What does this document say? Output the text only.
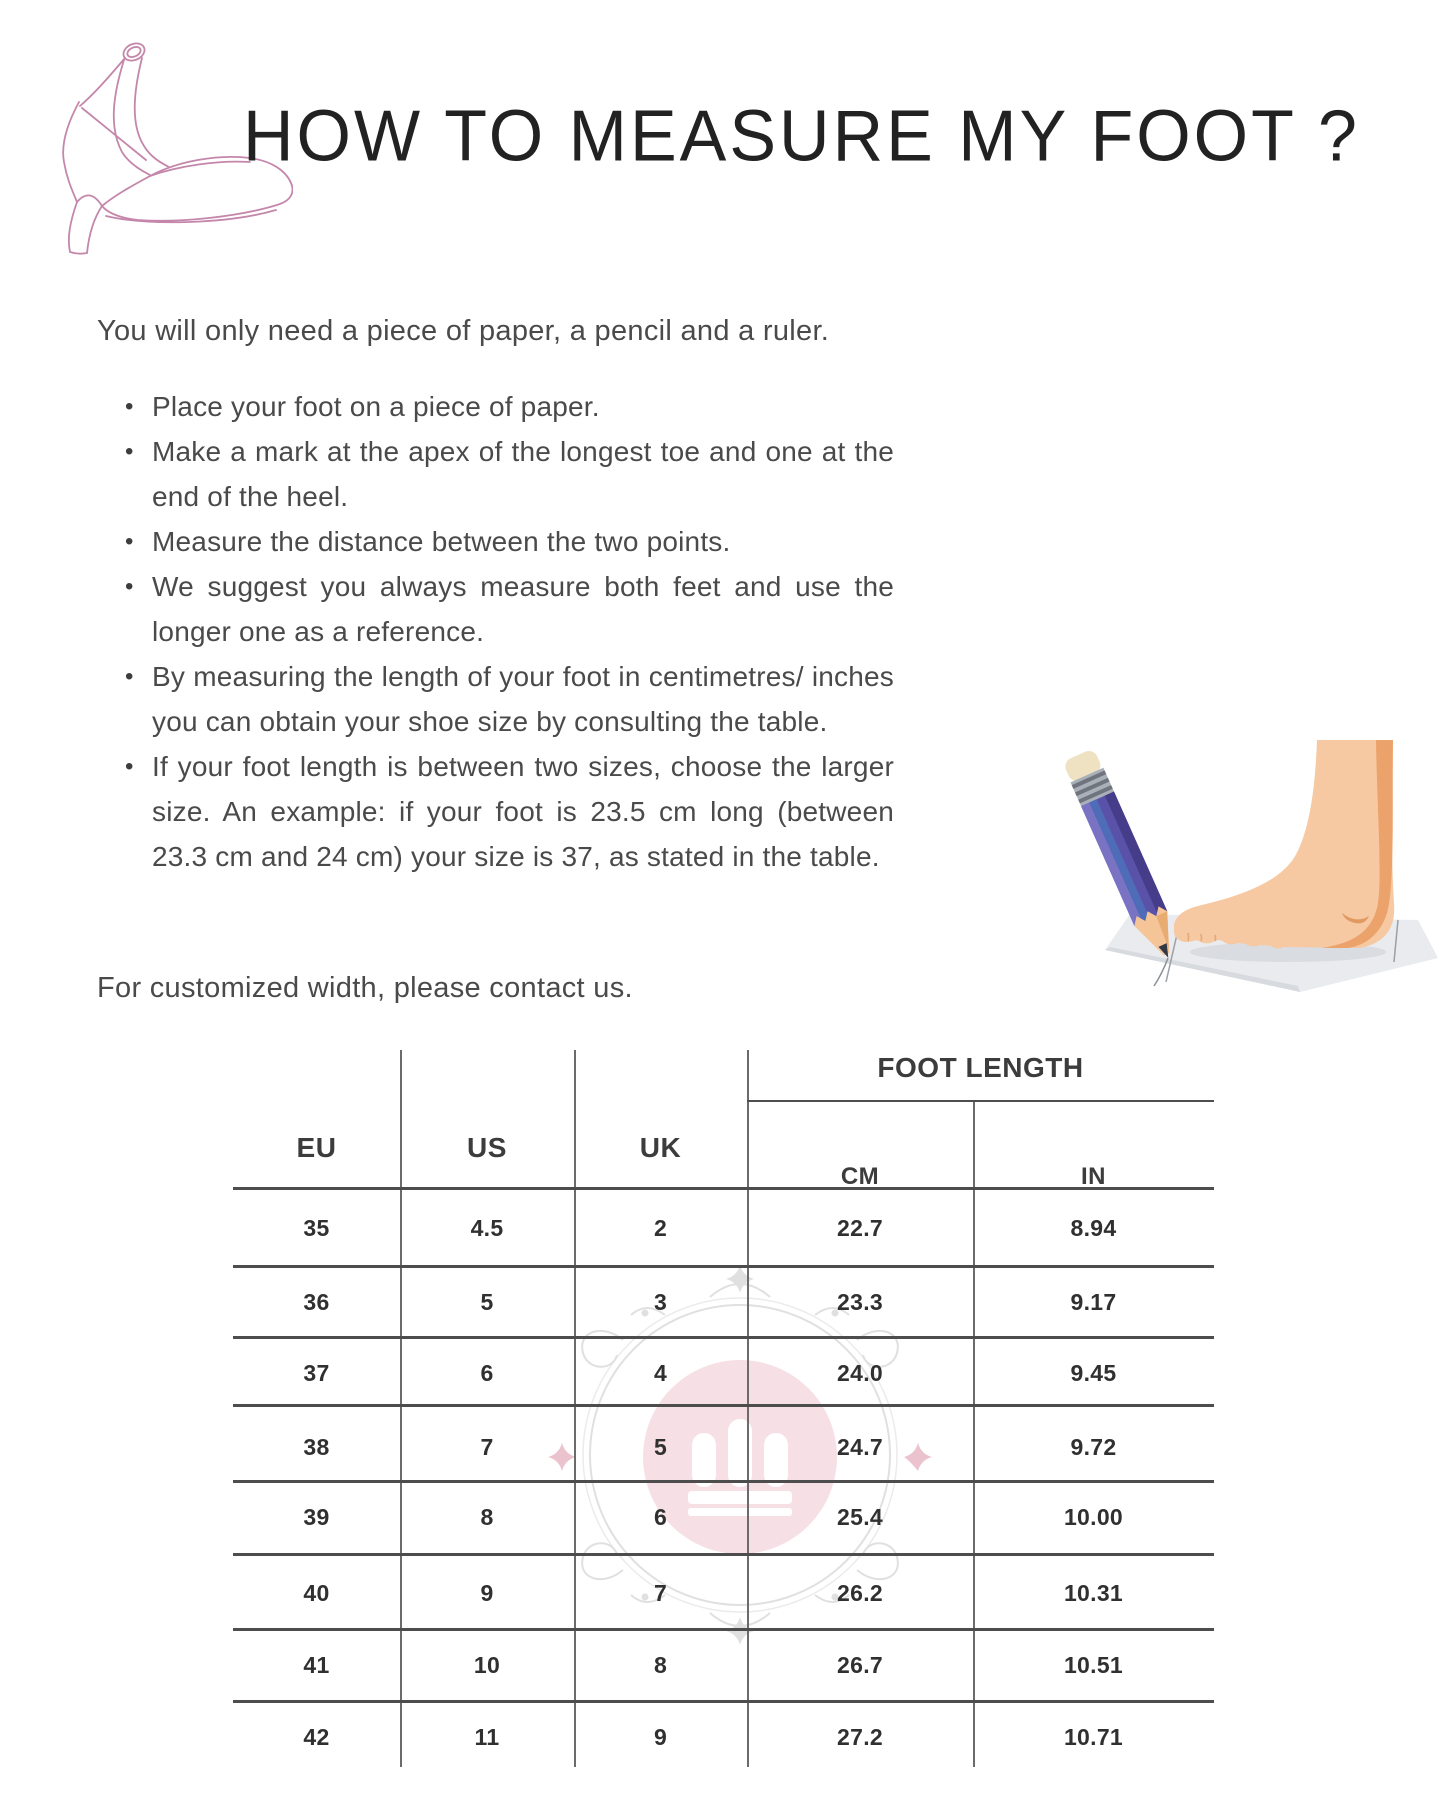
HOW TO MEASURE MY FOOT ?
You will only need a piece of paper, a pencil and a ruler.
• Place your foot on a piece of paper.
• Make a mark at the apex of the longest toe and one at the end of the heel.
• Measure the distance between the two points.
• We suggest you always measure both feet and use the longer one as a reference.
• By measuring the length of your foot in centimetres/ inches you can obtain your shoe size by consulting the table.
• If your foot length is between two sizes, choose the larger size. An example: if your foot is 23.5 cm long (between 23.3 cm and 24 cm) your size is 37, as stated in the table.
For customized width, please contact us.
FOOT LENGTH
EU	US	UK
CM	IN
35	4.5	2	22.7	8.94
36	5	3	23.3	9.17
37	6	4	24.0	9.45
38	7	5	24.7	9.72
39	8	6	25.4	10.00
40	9	7	26.2	10.31
41	10	8	26.7	10.51
42	11	9	27.2	10.71
